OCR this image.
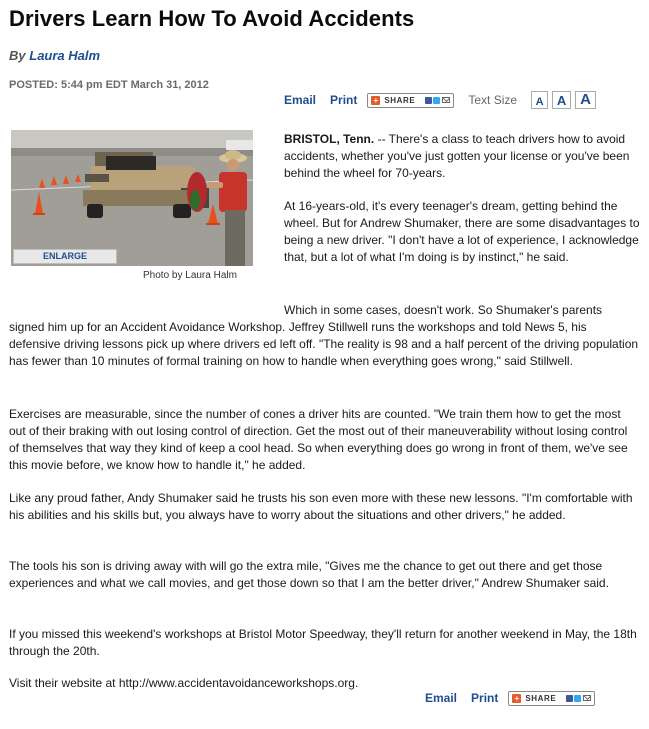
Drivers Learn How To Avoid Accidents
By Laura Halm
POSTED: 5:44 pm EDT March 31, 2012
Email Print + SHARE	Text Size	A	A A
ENLARGE
Photo by Laura Halm

BRISTOL, Tenn. -- There's a class to teach drivers how to avoid accidents, whether you've just gotten your license or you've been behind the wheel for 70-years.

At 16-years-old, it's every teenager's dream, getting behind the wheel. But for Andrew Shumaker, there are some disadvantages to being a new driver. "I don't have a lot of experience, I acknowledge that, but a lot of what I'm doing is by instinct," he said.

Which in some cases, doesn't work. So Shumaker's parents signed him up for an Accident Avoidance Workshop. Jeffrey Stillwell runs the workshops and told News 5, his defensive driving lessons pick up where drivers ed left off. "The reality is 98 and a half percent of the driving population has fewer than 10 minutes of formal training on how to handle when everything goes wrong," said Stillwell.

Exercises are measurable, since the number of cones a driver hits are counted. "We train them how to get the most out of their braking with out losing control of direction. Get the most out of their maneuverability without losing control of themselves that way they kind of keep a cool head. So when everything does go wrong in front of them, we've see this movie before, we know how to handle it," he added.

Like any proud father, Andy Shumaker said he trusts his son even more with these new lessons. "I'm comfortable with his abilities and his skills but, you always have to worry about the situations and other drivers," he added.

The tools his son is driving away with will go the extra mile, "Gives me the chance to get out there and get those experiences and what we call movies, and get those down so that I am the better driver," Andrew Shumaker said.

If you missed this weekend's workshops at Bristol Motor Speedway, they'll return for another weekend in May, the 18th through the 20th.

Visit their website at http://www.accidentavoidanceworkshops.org.

Email Print + SHARE
